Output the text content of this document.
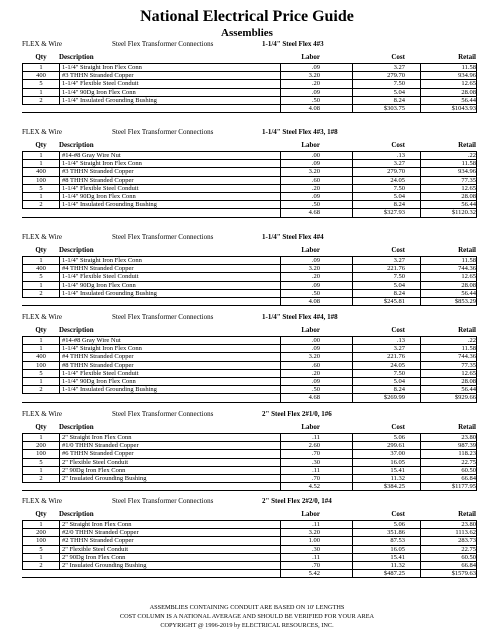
National Electrical Price Guide
Assemblies
FLEX & Wire	Steel Flex Transformer Connections	1-1/4" Steel Flex 4#3
Qty	Description	Labor	Cost	Retail
1	1-1/4" Straight Iron Flex Conn	.09	3.27	11.58
400	#3 THHN Stranded Copper	3.20	279.70	934.96
5	1-1/4" Flexible Steel Conduit	.20	7.50	12.65
1	1-1/4" 90Dg Iron Flex Conn	.09	5.04	28.08
2	1-1/4" Insulated Grounding Bushing	.50	8.24	56.44
4.08	$303.75	$1043.93
FLEX & Wire	Steel Flex Transformer Connections	1-1/4" Steel Flex 4#3, 1#8
Qty	Description	Labor	Cost	Retail
1	#14-#8 Gray Wire Nut	.00	.13	.22
1	1-1/4" Straight Iron Flex Conn	.09	3.27	11.58
400	#3 THHN Stranded Copper	3.20	279.70	934.96
100	#8 THHN Stranded Copper	.60	24.05	77.35
5	1-1/4" Flexible Steel Conduit	.20	7.50	12.65
1	1-1/4" 90Dg Iron Flex Conn	.09	5.04	28.08
2	1-1/4" Insulated Grounding Bushing	.50	8.24	56.44
4.68	$327.93	$1120.32
FLEX & Wire	Steel Flex Transformer Connections	1-1/4" Steel Flex 4#4
Qty	Description	Labor	Cost	Retail
1	1-1/4" Straight Iron Flex Conn	.09	3.27	11.58
400	#4 THHN Stranded Copper	3.20	221.76	744.36
5	1-1/4" Flexible Steel Conduit	.20	7.50	12.65
1	1-1/4" 90Dg Iron Flex Conn	.09	5.04	28.08
2	1-1/4" Insulated Grounding Bushing	.50	8.24	56.44
4.08	$245.81	$853.29
FLEX & Wire	Steel Flex Transformer Connections	1-1/4" Steel Flex 4#4, 1#8
Qty	Description	Labor	Cost	Retail
1	#14-#8 Gray Wire Nut	.00	.13	.22
1	1-1/4" Straight Iron Flex Conn	.09	3.27	11.58
400	#4 THHN Stranded Copper	3.20	221.76	744.36
100	#8 THHN Stranded Copper	.60	24.05	77.35
5	1-1/4" Flexible Steel Conduit	.20	7.50	12.65
1	1-1/4" 90Dg Iron Flex Conn	.09	5.04	28.08
2	1-1/4" Insulated Grounding Bushing	.50	8.24	56.44
4.68	$269.99	$929.66
FLEX & Wire	Steel Flex Transformer Connections	2" Steel Flex 2#1/0, 1#6
Qty	Description	Labor	Cost	Retail
1	2" Straight Iron Flex Conn	.11	5.06	23.80
200	#1/0 THHN Stranded Copper	2.60	299.61	987.39
100	#6 THHN Stranded Copper	.70	37.00	118.23
5	2" Flexible Steel Conduit	.30	16.05	22.75
1	2" 90Dg Iron Flex Conn	.11	15.41	60.50
2	2" Insulated Grounding Bushing	.70	11.32	66.84
4.52	$384.25	$1177.95
FLEX & Wire	Steel Flex Transformer Connections	2" Steel Flex 2#2/0, 1#4
Qty	Description	Labor	Cost	Retail
1	2" Straight Iron Flex Conn	.11	5.06	23.80
200	#2/0 THHN Stranded Copper	3.20	351.86	1113.62
100	#2 THHN Stranded Copper	1.00	87.53	283.73
5	2" Flexible Steel Conduit	.30	16.05	22.75
1	2" 90Dg Iron Flex Conn	.11	15.41	60.50
2	2" Insulated Grounding Bushing	.70	11.32	66.84
5.42	$487.25	$1579.63
ASSEMBLIES CONTAINING CONDUIT ARE BASED ON 10' LENGTHS
COST COLUMN IS A NATIONAL AVERAGE AND SHOULD BE VERIFIED FOR YOUR AREA
COPYRIGHT @ 1996-2019 by ELECTRICAL RESOURCES, INC.
